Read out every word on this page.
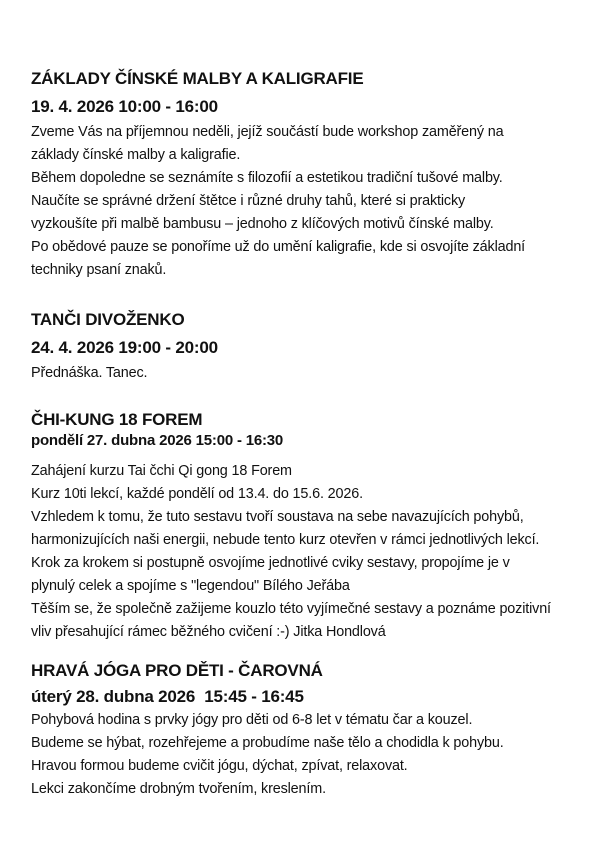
ZÁKLADY ČÍNSKÉ MALBY A KALIGRAFIE
19. 4. 2026 10:00 - 16:00

Zveme Vás na příjemnou neděli, jejíž součástí bude workshop zaměřený na

základy čínské malby a kaligrafie.

Během dopoledne se seznámíte s filozofií a estetikou tradiční tušové malby.

Naučíte se správné držení štětce i různé druhy tahů, které si prakticky

vyzkoušíte při malbě bambusu – jednoho z klíčových motivů čínské malby.

Po obědové pauze se ponoříme už do umění kaligrafie, kde si osvojíte základní

techniky psaní znaků.

TANČI DIVOŽENKO
24. 4. 2026 19:00 - 20:00

Přednáška. Tanec.

ČHI-KUNG 18 FOREM
pondělí 27. dubna 2026 15:00 - 16:30

Zahájení kurzu Tai čchi Qi gong 18 Forem

Kurz 10ti lekcí, každé pondělí od 13.4. do 15.6. 2026.

Vzhledem k tomu, že tuto sestavu tvoří soustava na sebe navazujících pohybů,

harmonizujících naši energii, nebude tento kurz otevřen v rámci jednotlivých lekcí.

Krok za krokem si postupně osvojíme jednotlivé cviky sestavy, propojíme je v

plynulý celek a spojíme s "legendou" Bílého Jeřába

Těším se, že společně zažijeme kouzlo této vyjímečné sestavy a poznáme pozitivní

vliv přesahující rámec běžného cvičení :-) Jitka Hondlová

HRAVÁ JÓGA PRO DĚTI - ČAROVNÁ
úterý 28. dubna 2026  15:45 - 16:45

Pohybová hodina s prvky jógy pro děti od 6-8 let v tématu čar a kouzel.

Budeme se hýbat, rozehřejeme a probudíme naše tělo a chodidla k pohybu.

Hravou formou budeme cvičit jógu, dýchat, zpívat, relaxovat.

Lekci zakončíme drobným tvořením, kreslením.
